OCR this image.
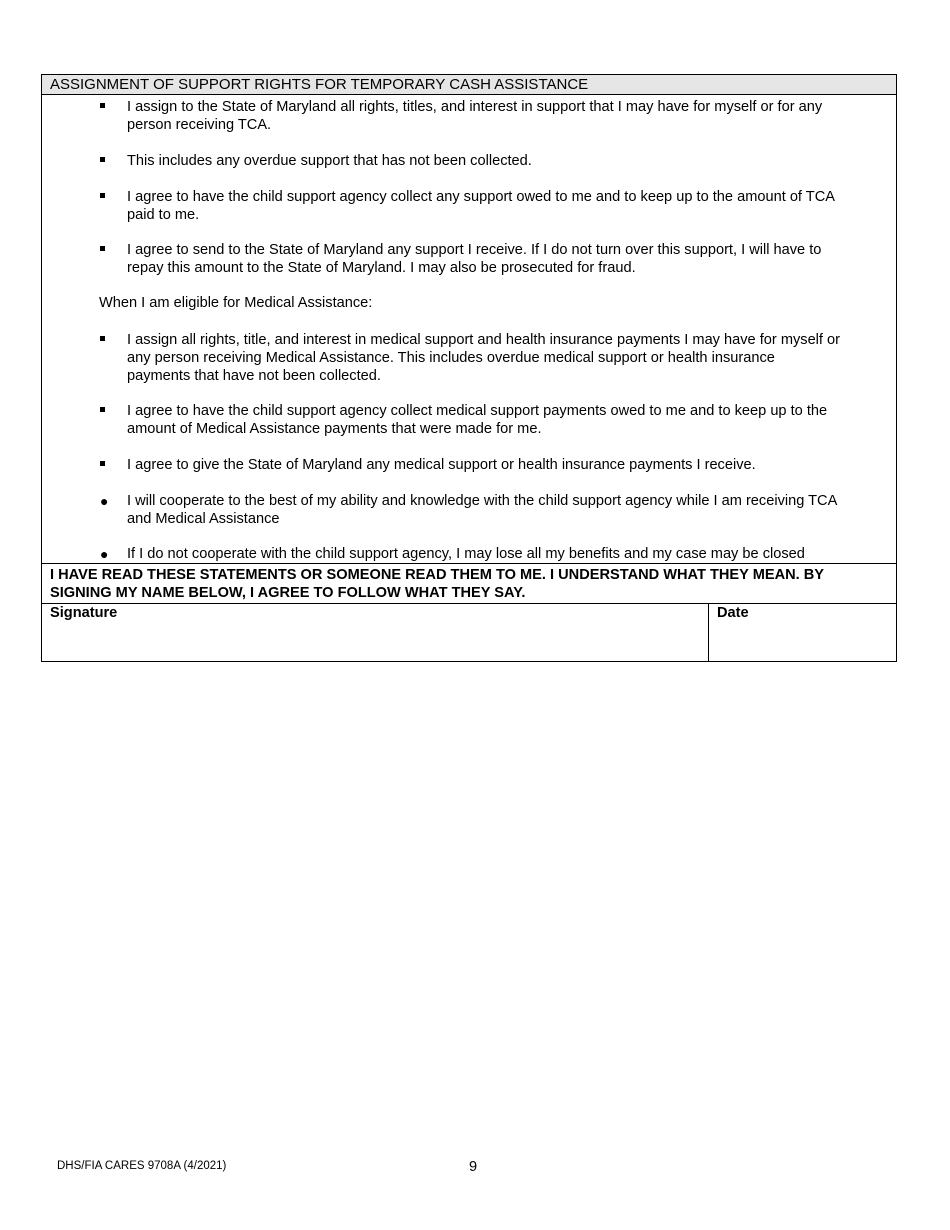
ASSIGNMENT OF SUPPORT RIGHTS FOR TEMPORARY CASH ASSISTANCE
I assign to the State of Maryland all rights, titles, and interest in support that I may have for myself or for any
person receiving TCA.
This includes any overdue support that has not been collected.
I agree to have the child support agency collect any support owed to me and to keep up to the amount of TCA
paid to me.
I agree to send to the State of Maryland any support I receive. If I do not turn over this support, I will have to
repay this amount to the State of Maryland. I may also be prosecuted for fraud.
When I am eligible for Medical Assistance:
I assign all rights, title, and interest in medical support and health insurance payments I may have for myself or
any person receiving Medical Assistance. This includes overdue medical support or health insurance
payments that have not been collected.
I agree to have the child support agency collect medical support payments owed to me and to keep up to the
amount of Medical Assistance payments that were made for me.
I agree to give the State of Maryland any medical support or health insurance payments I receive.
● I will cooperate to the best of my ability and knowledge with the child support agency while I am receiving TCA
and Medical Assistance
● If I do not cooperate with the child support agency, I may lose all my benefits and my case may be closed
I HAVE READ THESE STATEMENTS OR SOMEONE READ THEM TO ME. I UNDERSTAND WHAT THEY MEAN. BY
SIGNING MY NAME BELOW, I AGREE TO FOLLOW WHAT THEY SAY.
Signature	Date
DHS/FIA CARES 9708A (4/2021)	9
